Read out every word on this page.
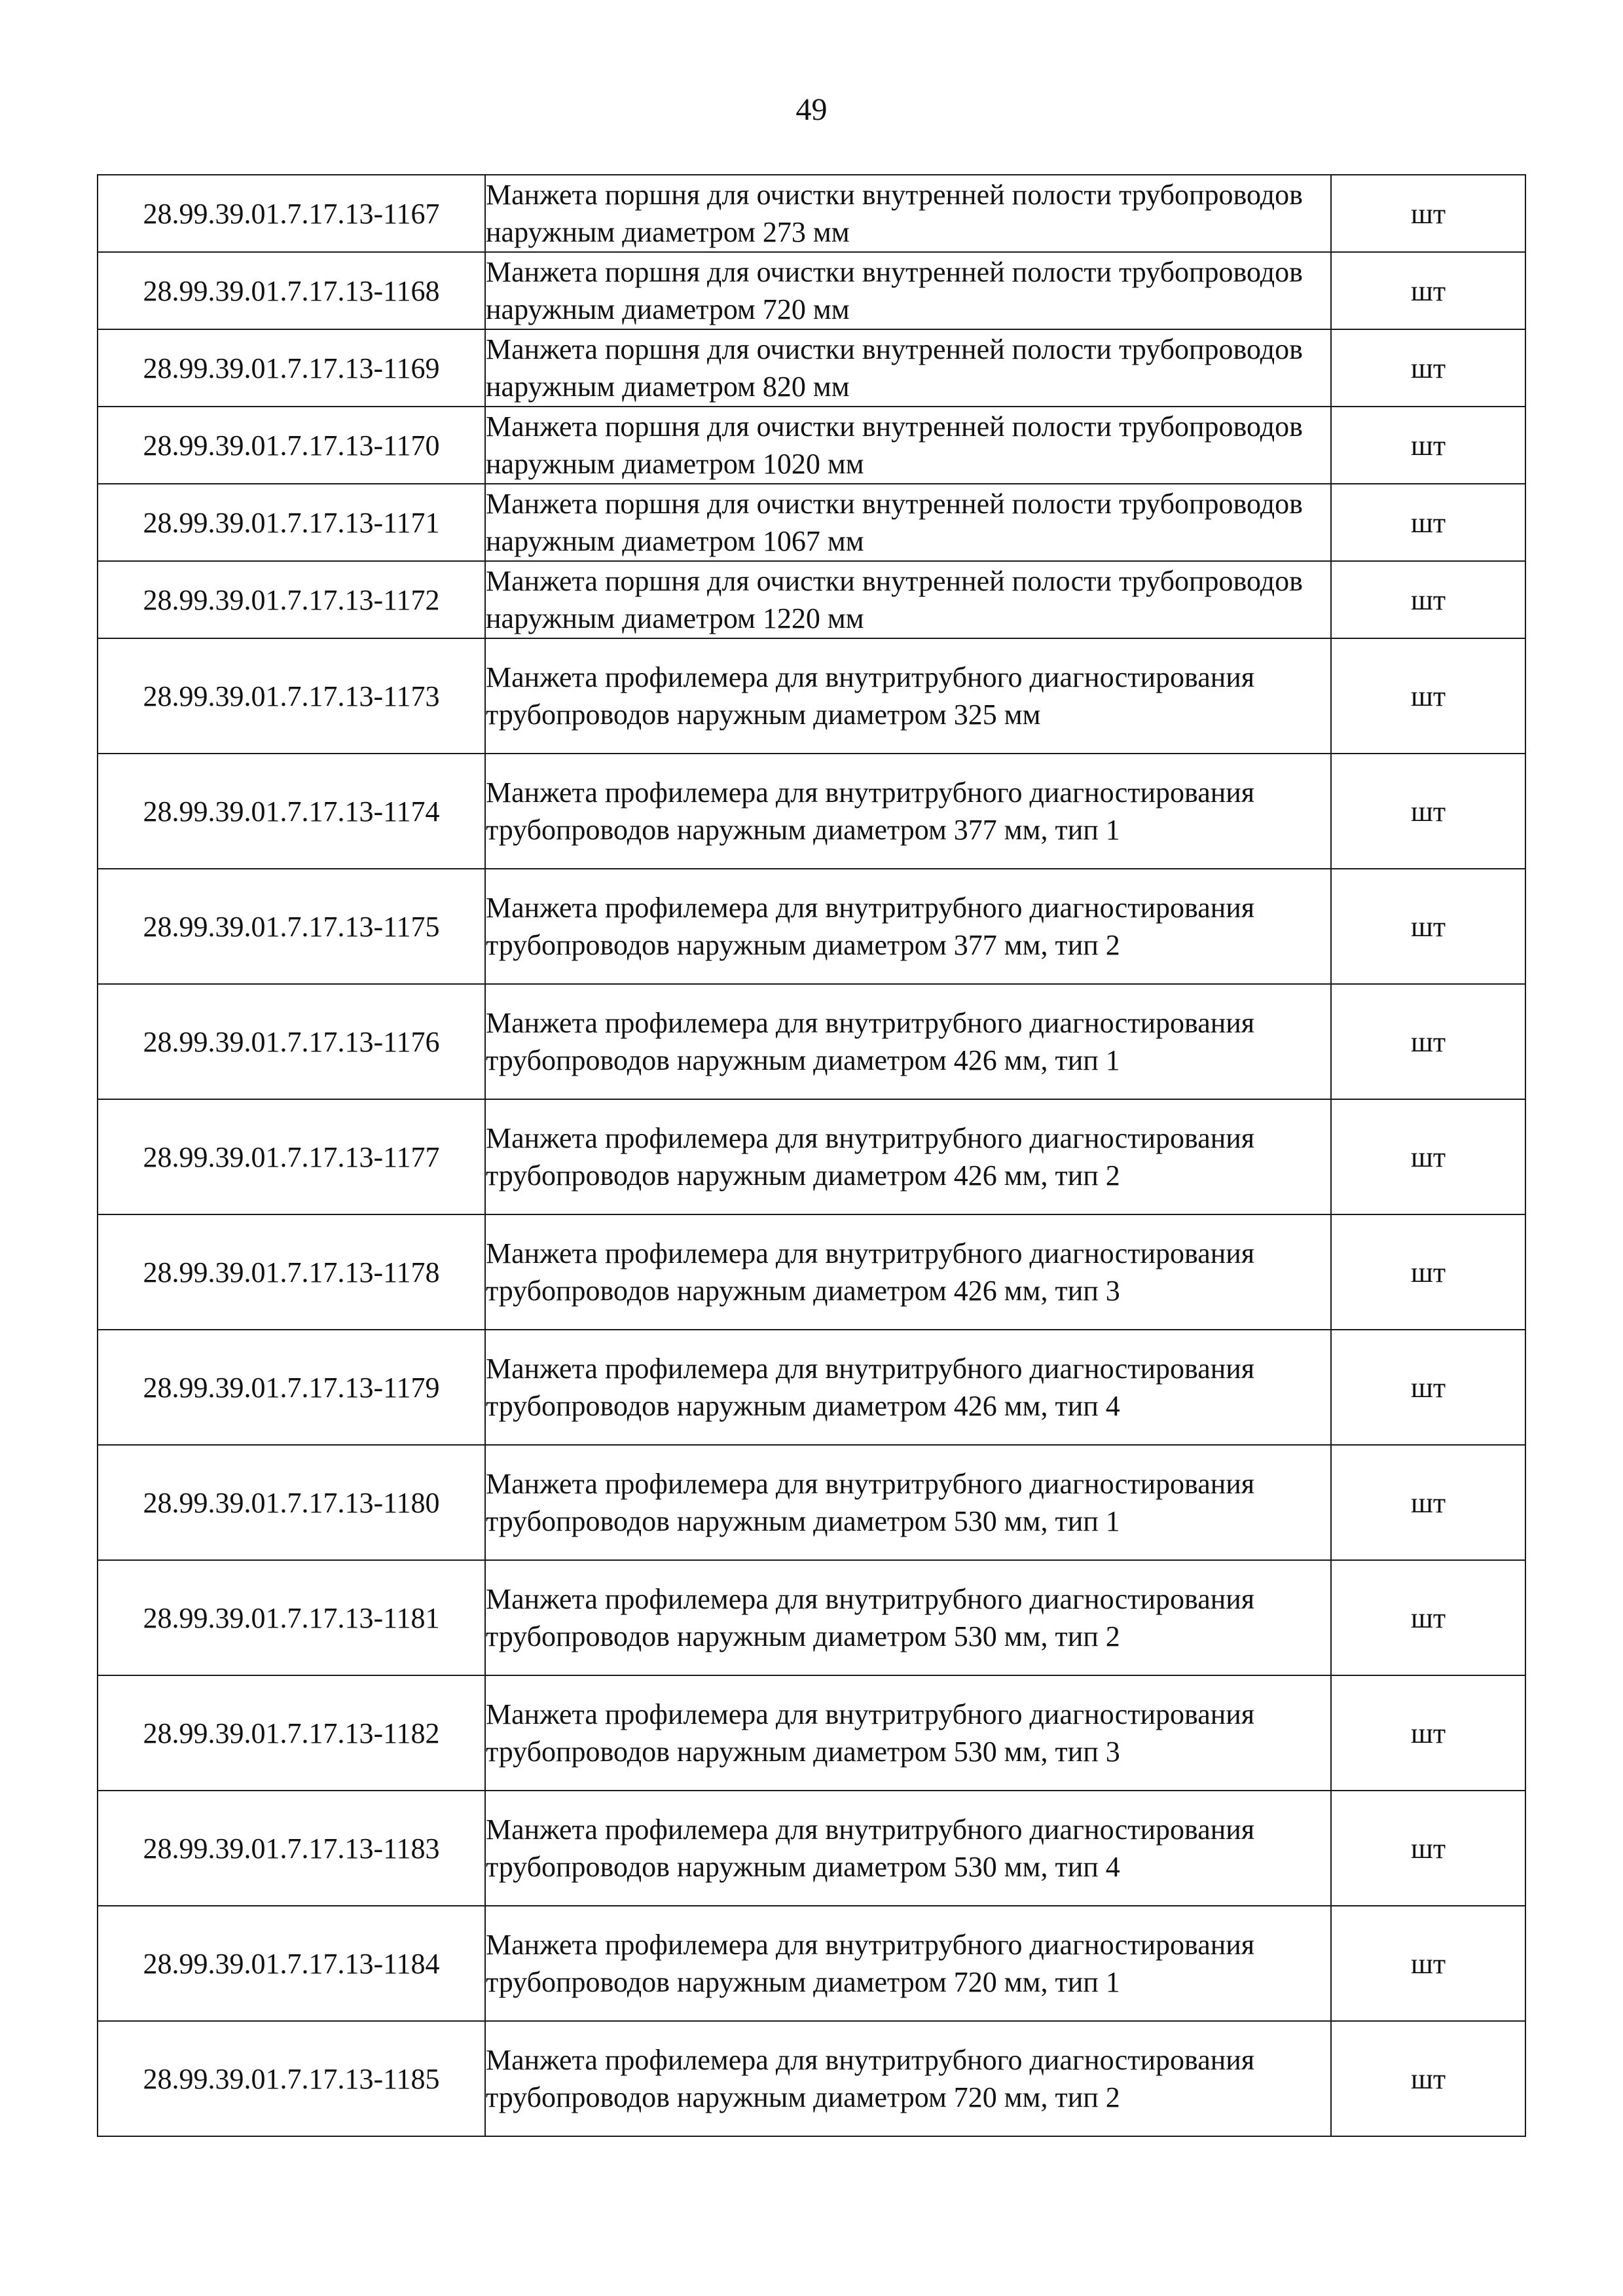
49
28.99.39.01.7.17.13-1167	Манжета поршня для очистки внутренней полости трубопроводов наружным диаметром 273 мм	шт
28.99.39.01.7.17.13-1168	Манжета поршня для очистки внутренней полости трубопроводов наружным диаметром 720 мм	шт
28.99.39.01.7.17.13-1169	Манжета поршня для очистки внутренней полости трубопроводов наружным диаметром 820 мм	шт
28.99.39.01.7.17.13-1170	Манжета поршня для очистки внутренней полости трубопроводов наружным диаметром 1020 мм	шт
28.99.39.01.7.17.13-1171	Манжета поршня для очистки внутренней полости трубопроводов наружным диаметром 1067 мм	шт
28.99.39.01.7.17.13-1172	Манжета поршня для очистки внутренней полости трубопроводов наружным диаметром 1220 мм	шт
28.99.39.01.7.17.13-1173	Манжета профилемера для внутритрубного диагностирования трубопроводов наружным диаметром 325 мм	шт
28.99.39.01.7.17.13-1174	Манжета профилемера для внутритрубного диагностирования трубопроводов наружным диаметром 377 мм, тип 1	шт
28.99.39.01.7.17.13-1175	Манжета профилемера для внутритрубного диагностирования трубопроводов наружным диаметром 377 мм, тип 2	шт
28.99.39.01.7.17.13-1176	Манжета профилемера для внутритрубного диагностирования трубопроводов наружным диаметром 426 мм, тип 1	шт
28.99.39.01.7.17.13-1177	Манжета профилемера для внутритрубного диагностирования трубопроводов наружным диаметром 426 мм, тип 2	шт
28.99.39.01.7.17.13-1178	Манжета профилемера для внутритрубного диагностирования трубопроводов наружным диаметром 426 мм, тип 3	шт
28.99.39.01.7.17.13-1179	Манжета профилемера для внутритрубного диагностирования трубопроводов наружным диаметром 426 мм, тип 4	шт
28.99.39.01.7.17.13-1180	Манжета профилемера для внутритрубного диагностирования трубопроводов наружным диаметром 530 мм, тип 1	шт
28.99.39.01.7.17.13-1181	Манжета профилемера для внутритрубного диагностирования трубопроводов наружным диаметром 530 мм, тип 2	шт
28.99.39.01.7.17.13-1182	Манжета профилемера для внутритрубного диагностирования трубопроводов наружным диаметром 530 мм, тип 3	шт
28.99.39.01.7.17.13-1183	Манжета профилемера для внутритрубного диагностирования трубопроводов наружным диаметром 530 мм, тип 4	шт
28.99.39.01.7.17.13-1184	Манжета профилемера для внутритрубного диагностирования трубопроводов наружным диаметром 720 мм, тип 1	шт
28.99.39.01.7.17.13-1185	Манжета профилемера для внутритрубного диагностирования трубопроводов наружным диаметром 720 мм, тип 2	шт
